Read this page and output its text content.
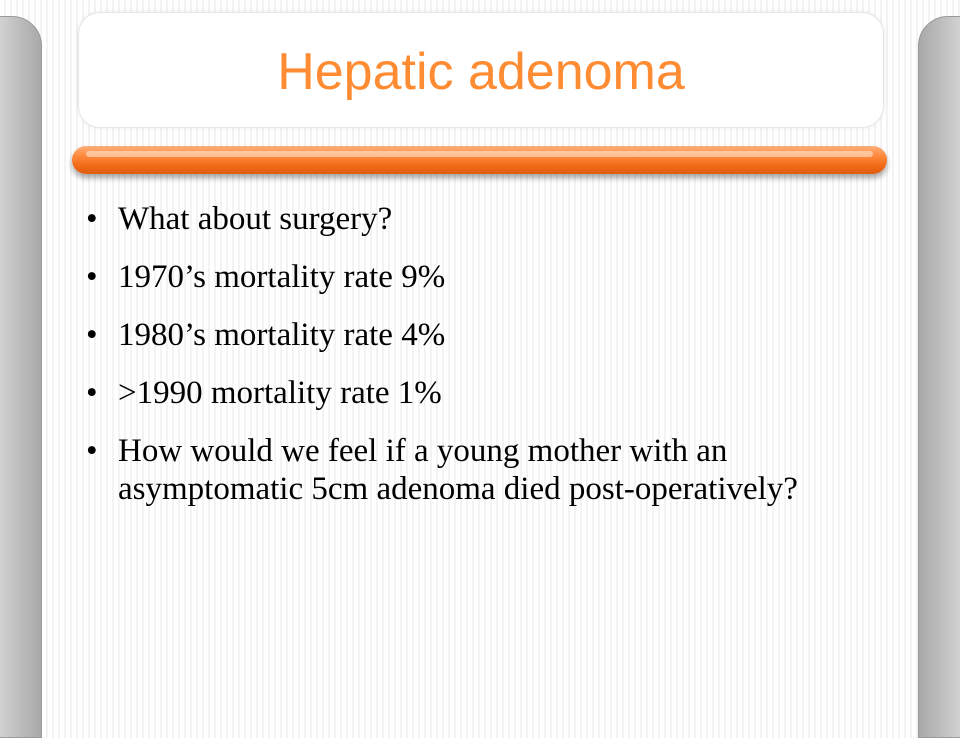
Hepatic adenoma
• What about surgery?
• 1970’s mortality rate 9%
• 1980’s mortality rate 4%
• >1990 mortality rate 1%
• How would we feel if a young mother with an asymptomatic 5cm adenoma died post-operatively?
